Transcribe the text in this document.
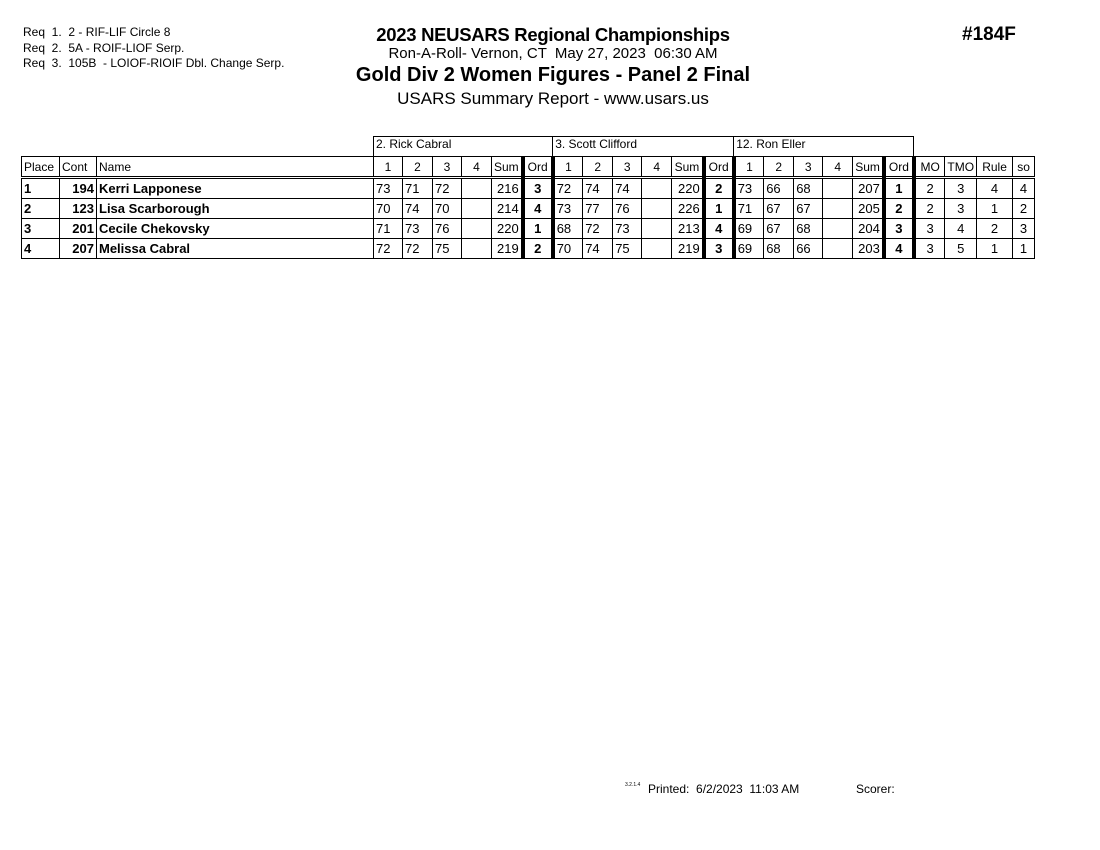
Req  1.  2 - RIF-LIF Circle 8
Req  2.  5A - ROIF-LIOF Serp.
Req  3.  105B  - LOIOF-RIOIF Dbl. Change Serp.
2023 NEUSARS Regional Championships
Ron-A-Roll- Vernon, CT  May 27, 2023  06:30 AM
Gold Div 2 Women Figures - Panel 2 Final
USARS Summary Report - www.usars.us
#184F
			2. Rick Cabral						3. Scott Clifford						12. Ron Eller									
Place	Cont	Name	1	2	3	4	Sum	Ord	1	2	3	4	Sum	Ord	1	2	3	4	Sum	Ord	MO	TMO	Rule	so
1	194	Kerri Lapponese	73	71	72		216	3	72	74	74		220	2	73	66	68		207	1	2	3	4	4
2	123	Lisa Scarborough	70	74	70		214	4	73	77	76		226	1	71	67	67		205	2	2	3	1	2
3	201	Cecile Chekovsky	71	73	76		220	1	68	72	73		213	4	69	67	68		204	3	3	4	2	3
4	207	Melissa Cabral	72	72	75		219	2	70	74	75		219	3	69	68	66		203	4	3	5	1	1
3.2.1.4 Printed:  6/2/2023  11:03 AM	Scorer:
